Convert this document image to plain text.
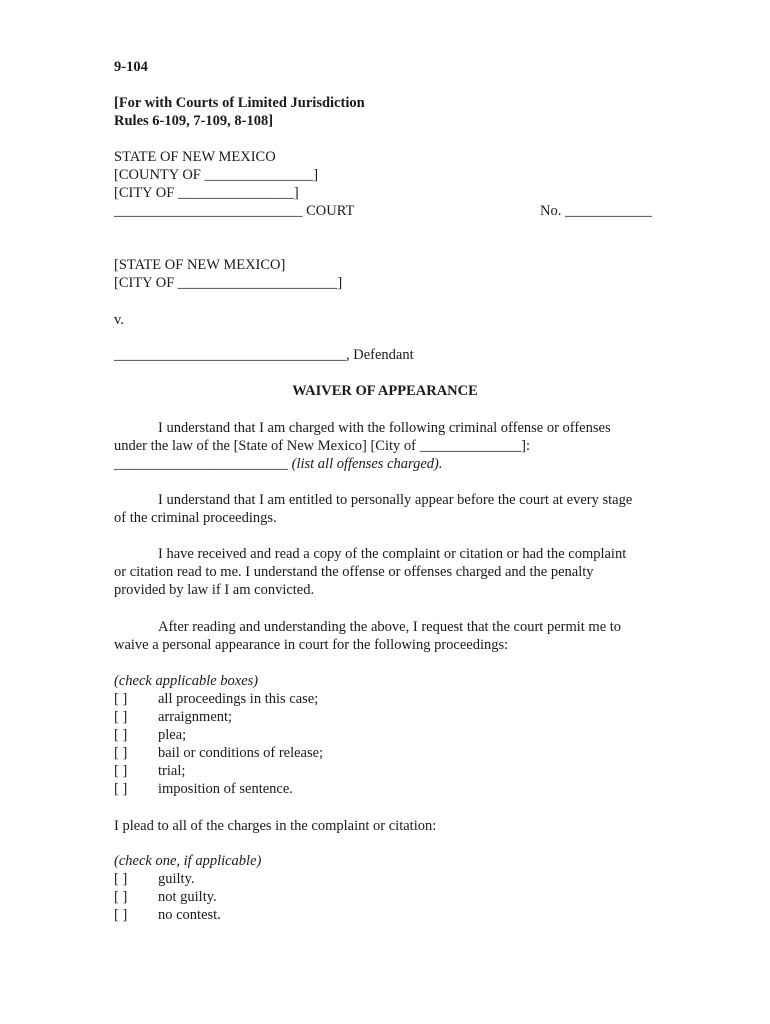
9-104
[For with Courts of Limited Jurisdiction
Rules 6-109, 7-109, 8-108]
STATE OF NEW MEXICO
[COUNTY OF _______________]
[CITY OF ________________]
__________________________ COURT	No. ____________
[STATE OF NEW MEXICO]
[CITY OF ______________________]
v.
________________________________, Defendant
WAIVER OF APPEARANCE
I understand that I am charged with the following criminal offense or offenses
under the law of the [State of New Mexico] [City of ______________]:
________________________ (list all offenses charged).
I understand that I am entitled to personally appear before the court at every stage
of the criminal proceedings.
I have received and read a copy of the complaint or citation or had the complaint
or citation read to me. I understand the offense or offenses charged and the penalty
provided by law if I am convicted.
After reading and understanding the above, I request that the court permit me to
waive a personal appearance in court for the following proceedings:
(check applicable boxes)
[ ] all proceedings in this case;
[ ] arraignment;
[ ] plea;
[ ] bail or conditions of release;
[ ] trial;
[ ] imposition of sentence.
I plead to all of the charges in the complaint or citation:
(check one, if applicable)
[ ] guilty.
[ ] not guilty.
[ ] no contest.
